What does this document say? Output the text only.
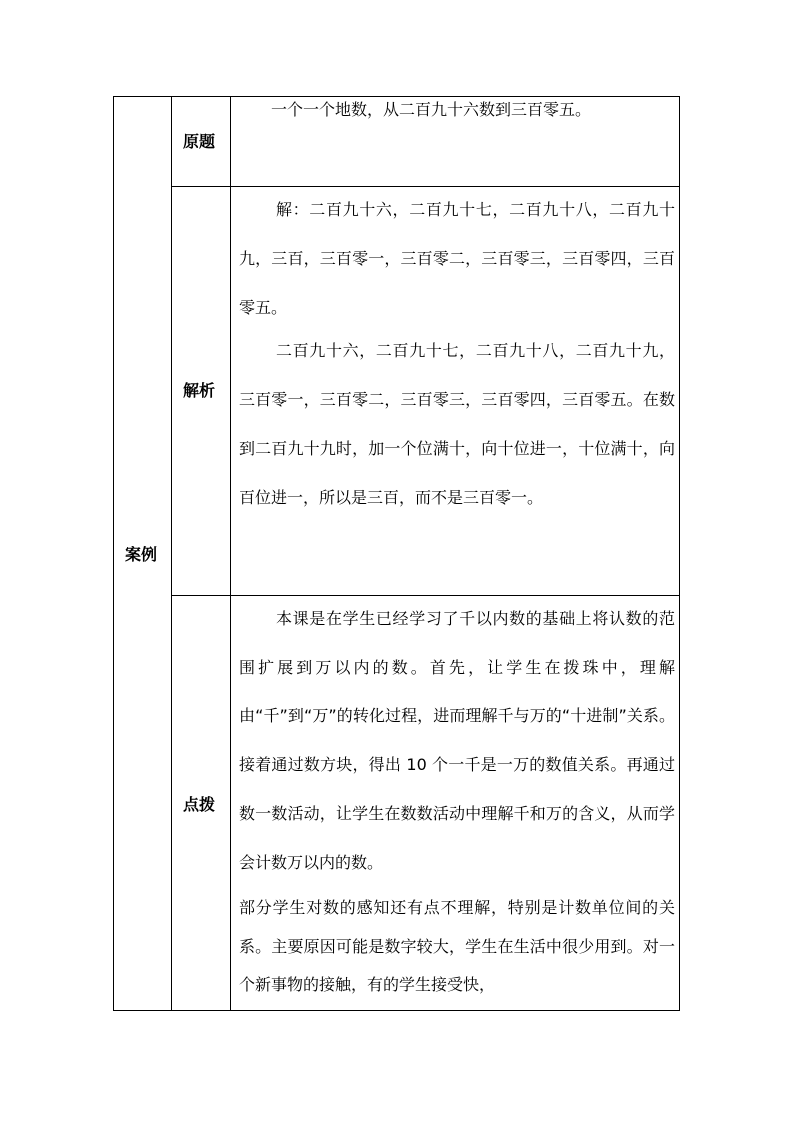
案例
原题
一个一个地数，从二百九十六数到三百零五。
解析
解：二百九十六，二百九十七，二百九十八，二百九十九，三百，三百零一，三百零二，三百零三，三百零四，三百零五。
二百九十六，二百九十七，二百九十八，二百九十九，三百零一，三百零二，三百零三，三百零四，三百零五。在数到二百九十九时，加一个位满十，向十位进一，十位满十，向百位进一，所以是三百，而不是三百零一。
点拨
本课是在学生已经学习了千以内数的基础上将认数的范围扩展到万以内的数。首先，让学生在拨珠中，理解由“千”到“万”的转化过程，进而理解千与万的“十进制”关系。接着通过数方块，得出 10 个一千是一万的数值关系。再通过数一数活动，让学生在数数活动中理解千和万的含义，从而学会计数万以内的数。
部分学生对数的感知还有点不理解，特别是计数单位间的关系。主要原因可能是数字较大，学生在生活中很少用到。对一个新事物的接触，有的学生接受快，
